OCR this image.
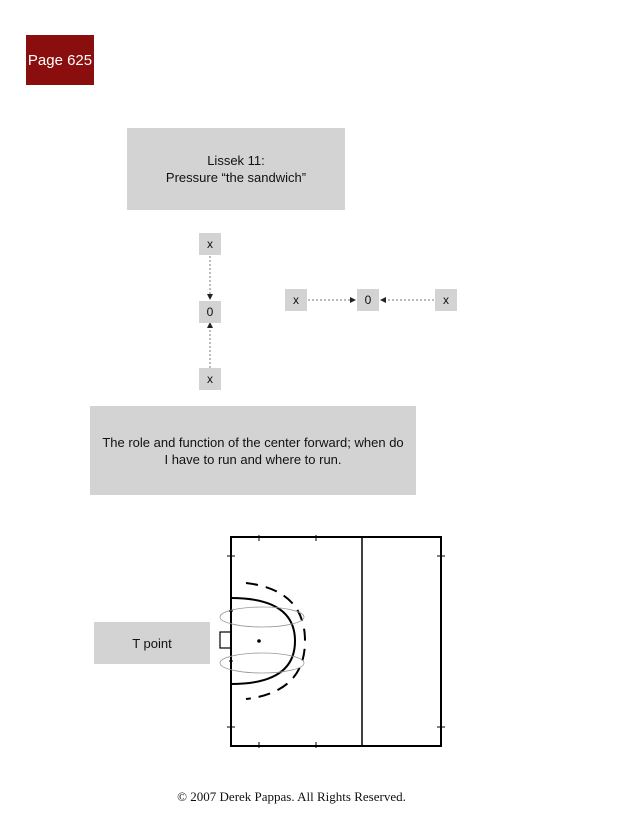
Page 625
Lissek 11:
Pressure “the sandwich”
x
0
x
x	0	x
The role and function of the center forward; when do I have to run and where to run.
T point
© 2007 Derek Pappas. All Rights Reserved.
